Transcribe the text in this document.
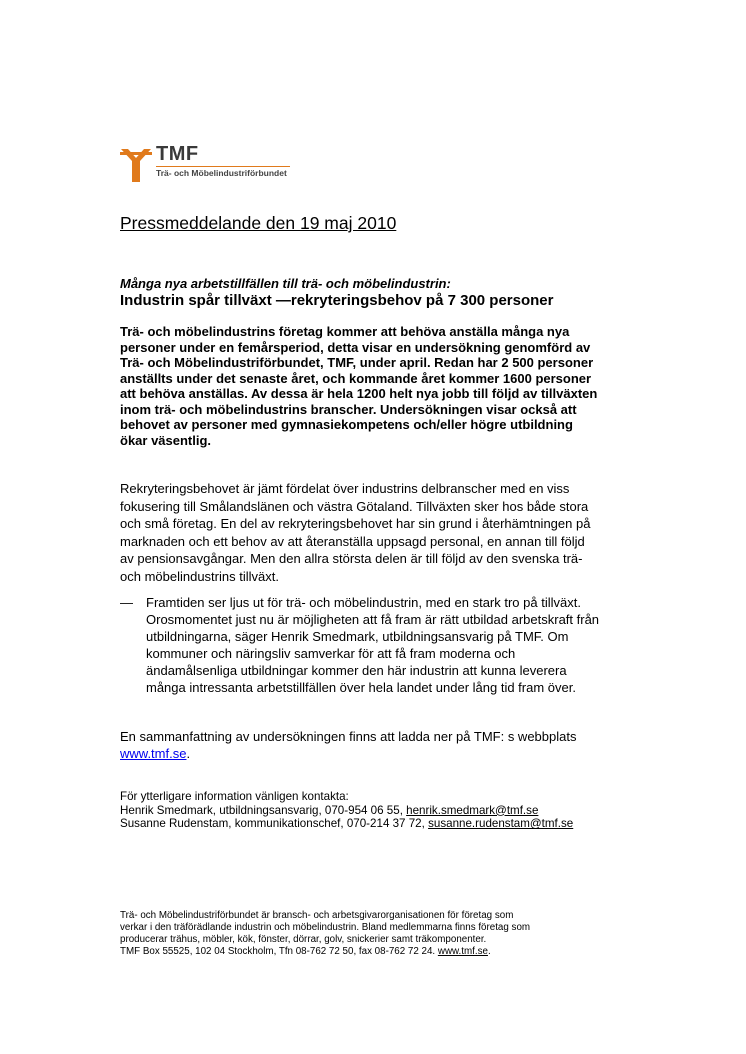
TMF
Trä- och Möbelindustriförbundet
Pressmeddelande den 19 maj 2010
Många nya arbetstillfällen till trä- och möbelindustrin:
Industrin spår tillväxt —rekryteringsbehov på 7 300 personer
Trä- och möbelindustrins företag kommer att behöva anställa många nya
personer under en femårsperiod, detta visar en undersökning genomförd av
Trä- och Möbelindustriförbundet, TMF, under april. Redan har 2 500 personer
anställts under det senaste året, och kommande året kommer 1600 personer
att behöva anställas. Av dessa är hela 1200 helt nya jobb till följd av tillväxten
inom trä- och möbelindustrins branscher. Undersökningen visar också att
behovet av personer med gymnasiekompetens och/eller högre utbildning
ökar väsentlig.
Rekryteringsbehovet är jämt fördelat över industrins delbranscher med en viss
fokusering till Smålandslänen och västra Götaland. Tillväxten sker hos både stora
och små företag. En del av rekryteringsbehovet har sin grund i återhämtningen på
marknaden och ett behov av att återanställa uppsagd personal, en annan till följd
av pensionsavgångar. Men den allra största delen är till följd av den svenska trä-
och möbelindustrins tillväxt.
— Framtiden ser ljus ut för trä- och möbelindustrin, med en stark tro på tillväxt.
Orosmomentet just nu är möjligheten att få fram är rätt utbildad arbetskraft från
utbildningarna, säger Henrik Smedmark, utbildningsansvarig på TMF. Om
kommuner och näringsliv samverkar för att få fram moderna och
ändamålsenliga utbildningar kommer den här industrin att kunna leverera
många intressanta arbetstillfällen över hela landet under lång tid fram över.
En sammanfattning av undersökningen finns att ladda ner på TMF: s webbplats
www.tmf.se.
För ytterligare information vänligen kontakta:
Henrik Smedmark, utbildningsansvarig, 070-954 06 55, henrik.smedmark@tmf.se
Susanne Rudenstam, kommunikationschef, 070-214 37 72, susanne.rudenstam@tmf.se
Trä- och Möbelindustriförbundet är bransch- och arbetsgivarorganisationen för företag som
verkar i den träförädlande industrin och möbelindustrin. Bland medlemmarna finns företag som
producerar trähus, möbler, kök, fönster, dörrar, golv, snickerier samt träkomponenter.
TMF Box 55525, 102 04 Stockholm, Tfn 08-762 72 50, fax 08-762 72 24. www.tmf.se.
